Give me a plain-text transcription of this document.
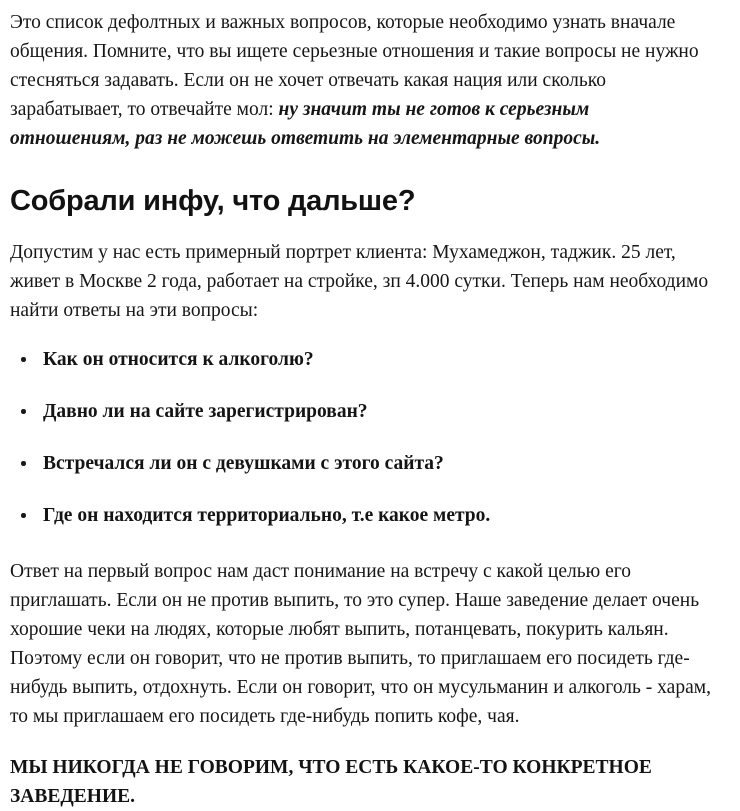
Это список дефолтных и важных вопросов, которые необходимо узнать вначале общения. Помните, что вы ищете серьезные отношения и такие вопросы не нужно стесняться задавать. Если он не хочет отвечать какая нация или сколько зарабатывает, то отвечайте мол: ну значит ты не готов к серьезным отношениям, раз не можешь ответить на элементарные вопросы.

Собрали инфу, что дальше?

Допустим у нас есть примерный портрет клиента: Мухамеджон, таджик. 25 лет, живет в Москве 2 года, работает на стройке, зп 4.000 сутки. Теперь нам необходимо найти ответы на эти вопросы:

Как он относится к алкоголю?
Давно ли на сайте зарегистрирован?
Встречался ли он с девушками с этого сайта?
Где он находится территориально, т.е какое метро.

Ответ на первый вопрос нам даст понимание на встречу с какой целью его приглашать. Если он не против выпить, то это супер. Наше заведение делает очень хорошие чеки на людях, которые любят выпить, потанцевать, покурить кальян. Поэтому если он говорит, что не против выпить, то приглашаем его посидеть где-нибудь выпить, отдохнуть. Если он говорит, что он мусульманин и алкоголь - харам, то мы приглашаем его посидеть где-нибудь попить кофе, чая.

МЫ НИКОГДА НЕ ГОВОРИМ, ЧТО ЕСТЬ КАКОЕ-ТО КОНКРЕТНОЕ ЗАВЕДЕНИЕ.
